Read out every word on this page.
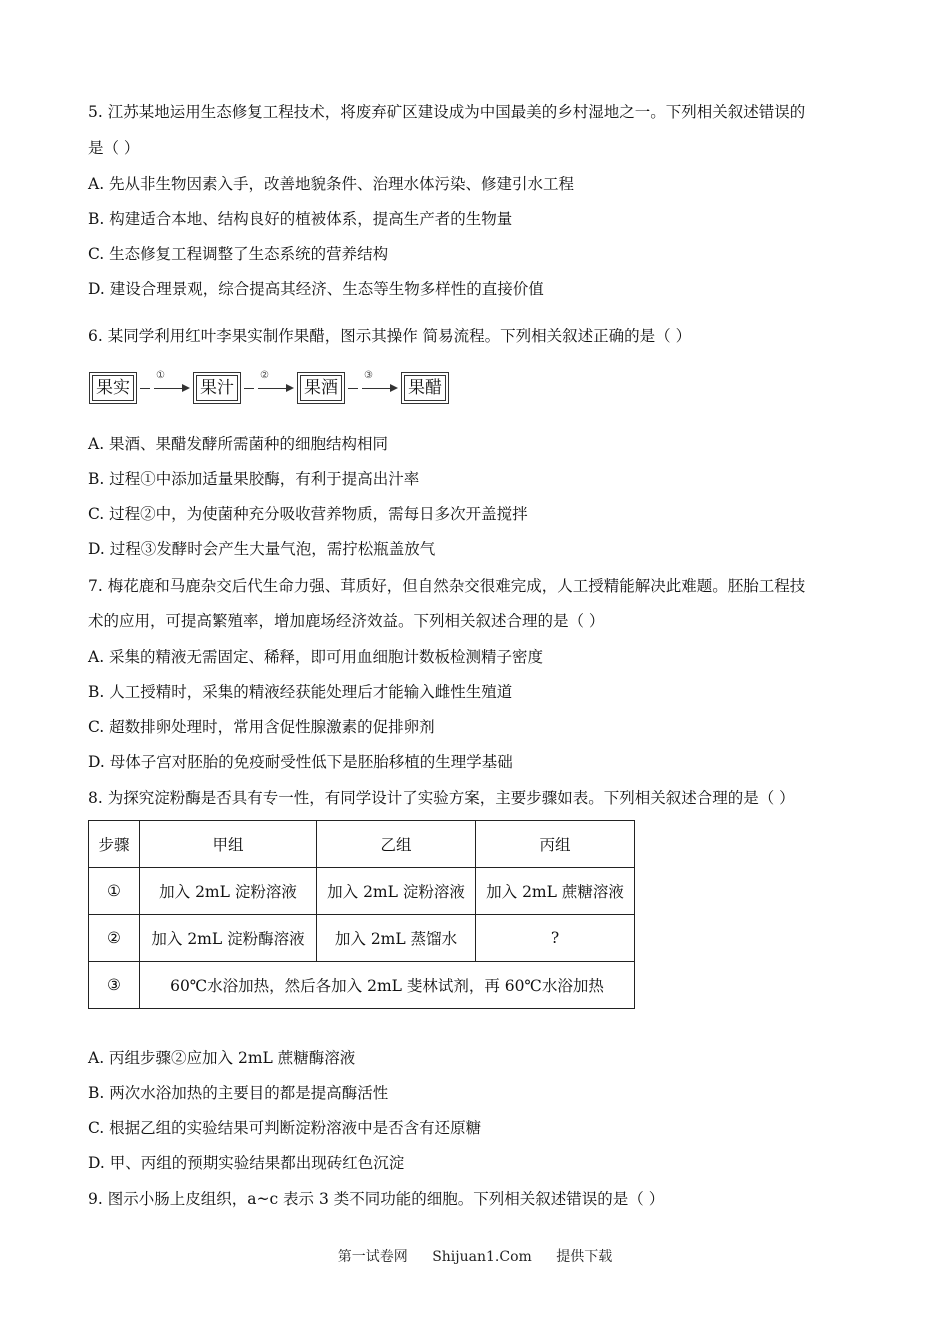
5. 江苏某地运用生态修复工程技术，将废弃矿区建设成为中国最美的乡村湿地之一。下列相关叙述错误的
是（ ）
A. 先从非生物因素入手，改善地貌条件、治理水体污染、修建引水工程
B. 构建适合本地、结构良好的植被体系，提高生产者的生物量
C. 生态修复工程调整了生态系统的营养结构
D. 建设合理景观，综合提高其经济、生态等生物多样性的直接价值
6. 某同学利用红叶李果实制作果醋，图示其操作 简易流程。下列相关叙述正确的是（ ）
果实
①
果汁
②
果酒
③
果醋
A. 果酒、果醋发酵所需菌种的细胞结构相同
B. 过程①中添加适量果胶酶，有利于提高出汁率
C. 过程②中，为使菌种充分吸收营养物质，需每日多次开盖搅拌
D. 过程③发酵时会产生大量气泡，需拧松瓶盖放气
7. 梅花鹿和马鹿杂交后代生命力强、茸质好，但自然杂交很难完成，人工授精能解决此难题。胚胎工程技
术的应用，可提高繁殖率，增加鹿场经济效益。下列相关叙述合理的是（ ）
A. 采集的精液无需固定、稀释，即可用血细胞计数板检测精子密度
B. 人工授精时，采集的精液经获能处理后才能输入雌性生殖道
C. 超数排卵处理时，常用含促性腺激素的促排卵剂
D. 母体子宫对胚胎的免疫耐受性低下是胚胎移植的生理学基础
8. 为探究淀粉酶是否具有专一性，有同学设计了实验方案，主要步骤如表。下列相关叙述合理的是（ ）
步骤	甲组	乙组	丙组
①	加入 2mL 淀粉溶液	加入 2mL 淀粉溶液	加入 2mL 蔗糖溶液
②	加入 2mL 淀粉酶溶液	加入 2mL 蒸馏水	?
③	60℃水浴加热，然后各加入 2mL 斐林试剂，再 60℃水浴加热		
A. 丙组步骤②应加入 2mL 蔗糖酶溶液
B. 两次水浴加热的主要目的都是提高酶活性
C. 根据乙组的实验结果可判断淀粉溶液中是否含有还原糖
D. 甲、丙组的预期实验结果都出现砖红色沉淀
9. 图示小肠上皮组织，a~c 表示 3 类不同功能的细胞。下列相关叙述错误的是（ ）
第一试卷网 Shijuan1.Com 提供下载
